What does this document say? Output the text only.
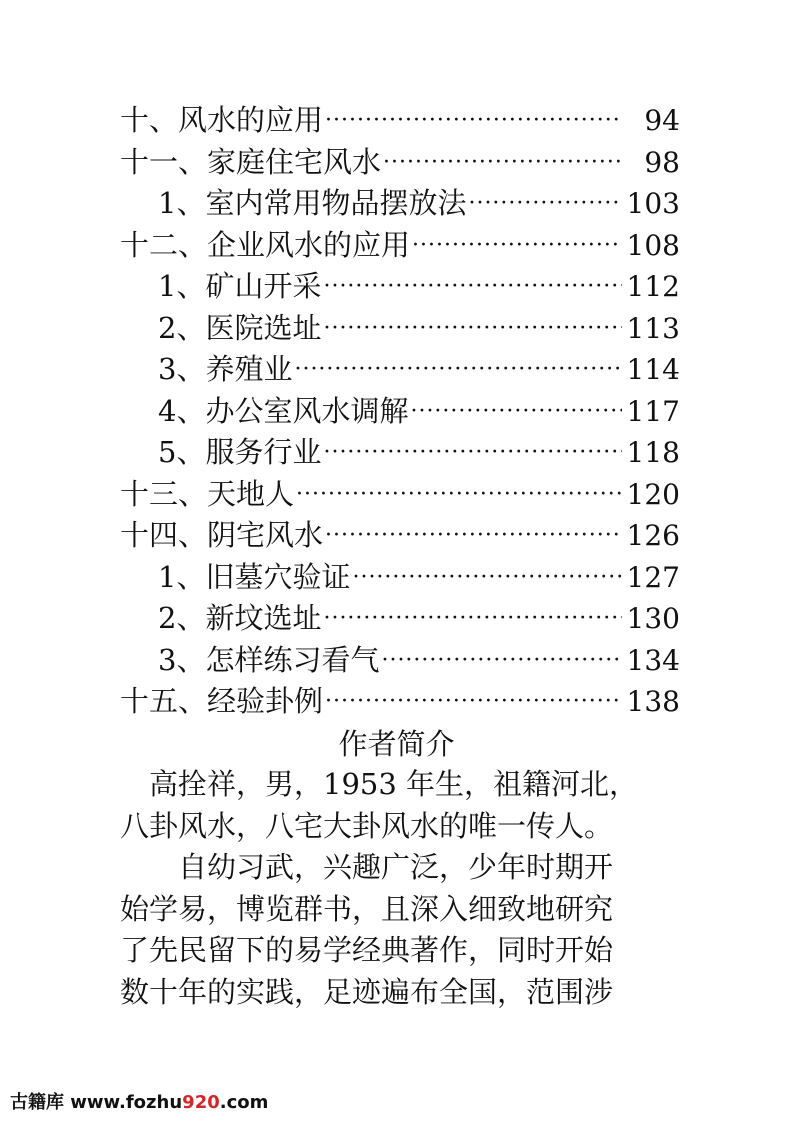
十、风水的应用 ·····	94
十一、家庭住宅风水 ·····	98
1、室内常用物品摆放法 ·····	103
十二、企业风水的应用 ·····	108
1、矿山开采 ·····	112
2、医院选址 ·····	113
3、养殖业 ·····	114
4、办公室风水调解 ·····	117
5、服务行业 ·····	118
十三、天地人 ·····	120
十四、阴宅风水 ·····	126
1、旧墓穴验证 ·····	127
2、新坟选址 ·····	130
3、怎样练习看气 ·····	134
十五、经验卦例 ·····	138
作者简介
　高拴祥，男，1953 年生，祖籍河北，
八卦风水，八宅大卦风水的唯一传人。
　　自幼习武，兴趣广泛，少年时期开
始学易，博览群书，且深入细致地研究
了先民留下的易学经典著作，同时开始
数十年的实践，足迹遍布全国，范围涉
古籍库 www.fozhu920.com
